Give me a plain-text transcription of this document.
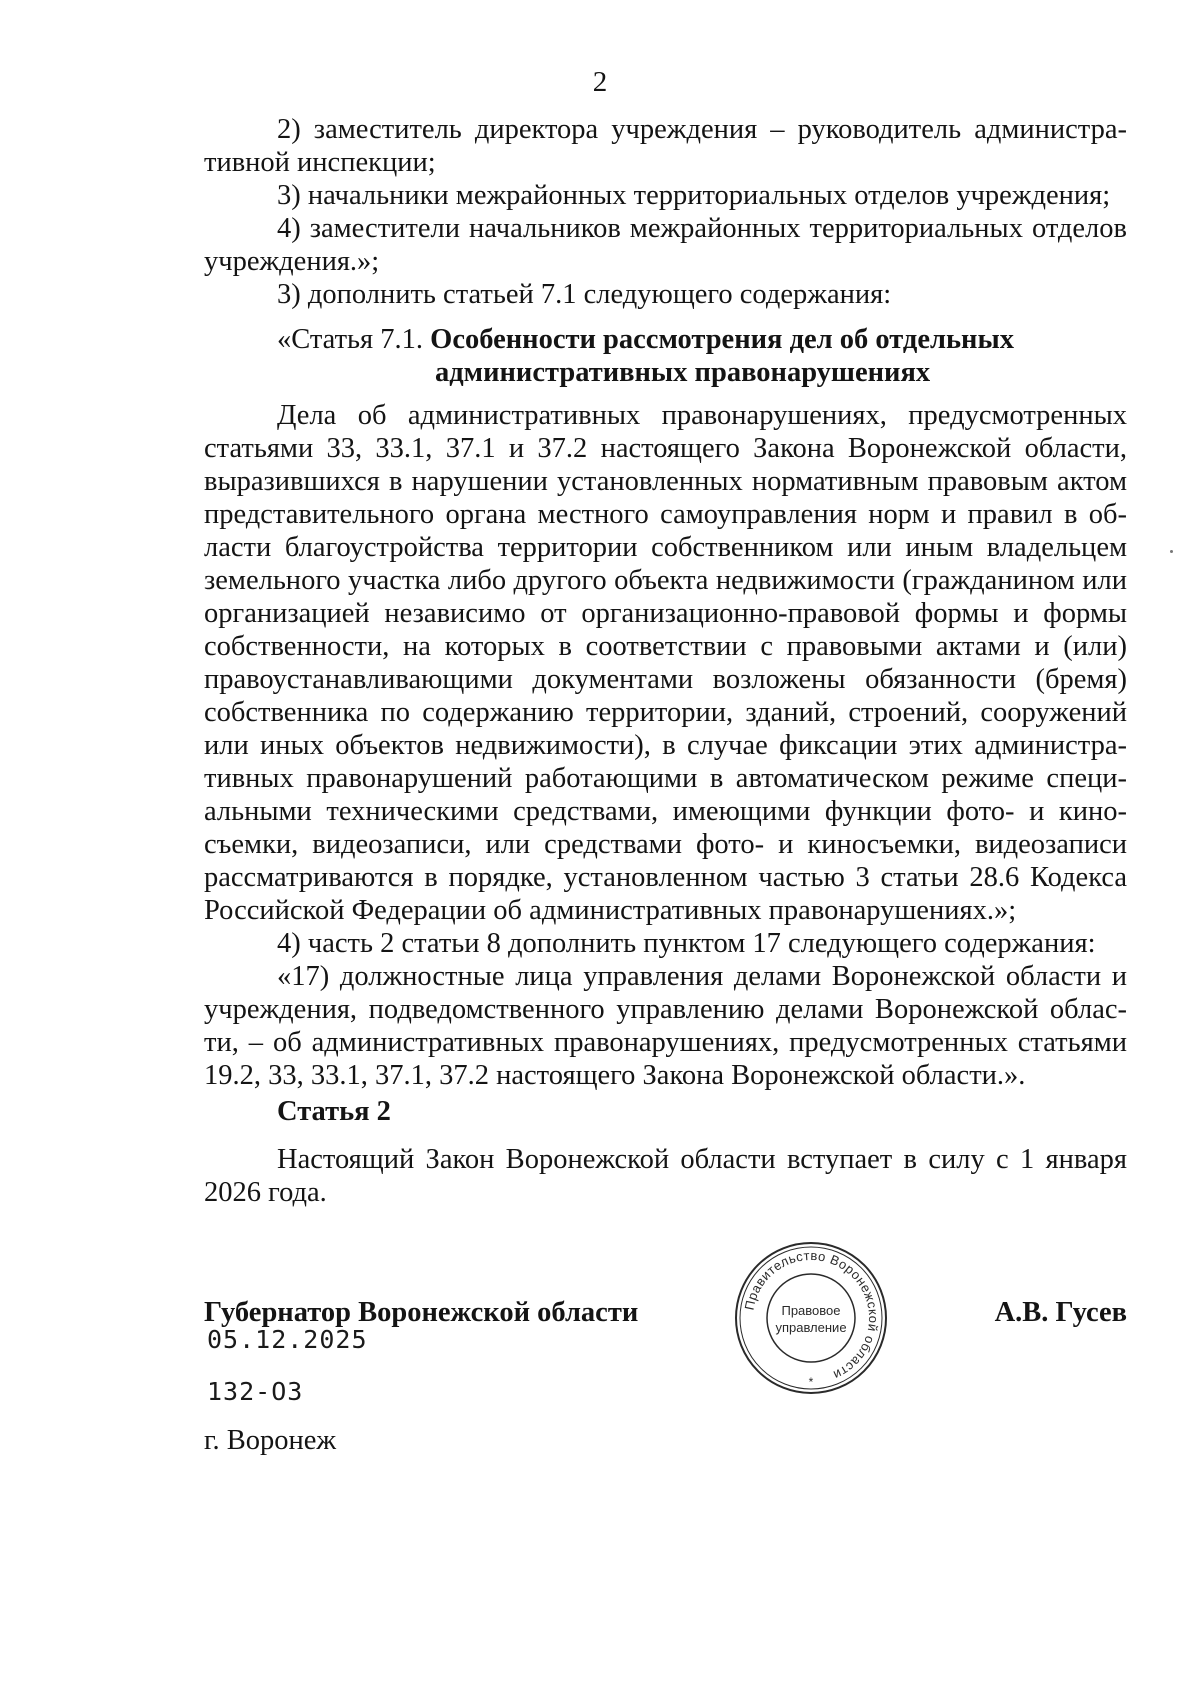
2

2) заместитель директора учреждения – руководитель административной инспекции;

3) начальники межрайонных территориальных отделов учреждения;

4) заместители начальников межрайонных территориальных отделов учреждения.»;

3) дополнить статьей 7.1 следующего содержания:

«Статья 7.1. Особенности рассмотрения дел об отдельных
административных правонарушениях

Дела об административных правонарушениях, предусмотренных статьями 33, 33.1, 37.1 и 37.2 настоящего Закона Воронежской области, выразившихся в нарушении установленных нормативным правовым актом представительного органа местного самоуправления норм и правил в области благоустройства территории собственником или иным владельцем земельного участка либо другого объекта недвижимости (гражданином или организацией независимо от организационно-правовой формы и формы собственности, на которых в соответствии с правовыми актами и (или) правоустанавливающими документами возложены обязанности (бремя) собственника по содержанию территории, зданий, строений, сооружений или иных объектов недвижимости), в случае фиксации этих административных правонарушений работающими в автоматическом режиме специальными техническими средствами, имеющими функции фото- и киносъемки, видеозаписи, или средствами фото- и киносъемки, видеозаписи рассматриваются в порядке, установленном частью 3 статьи 28.6 Кодекса Российской Федерации об административных правонарушениях.»;

4) часть 2 статьи 8 дополнить пунктом 17 следующего содержания:

«17) должностные лица управления делами Воронежской области и учреждения, подведомственного управлению делами Воронежской области, – об административных правонарушениях, предусмотренных статьями 19.2, 33, 33.1, 37.1, 37.2 настоящего Закона Воронежской области.».

Статья 2

Настоящий Закон Воронежской области вступает в силу с 1 января 2026 года.

Губернатор Воронежской области	А.В. Гусев
05.12.2025
132-ОЗ
г. Воронеж
Правительство Воронежской области
Правовое
управление
*
